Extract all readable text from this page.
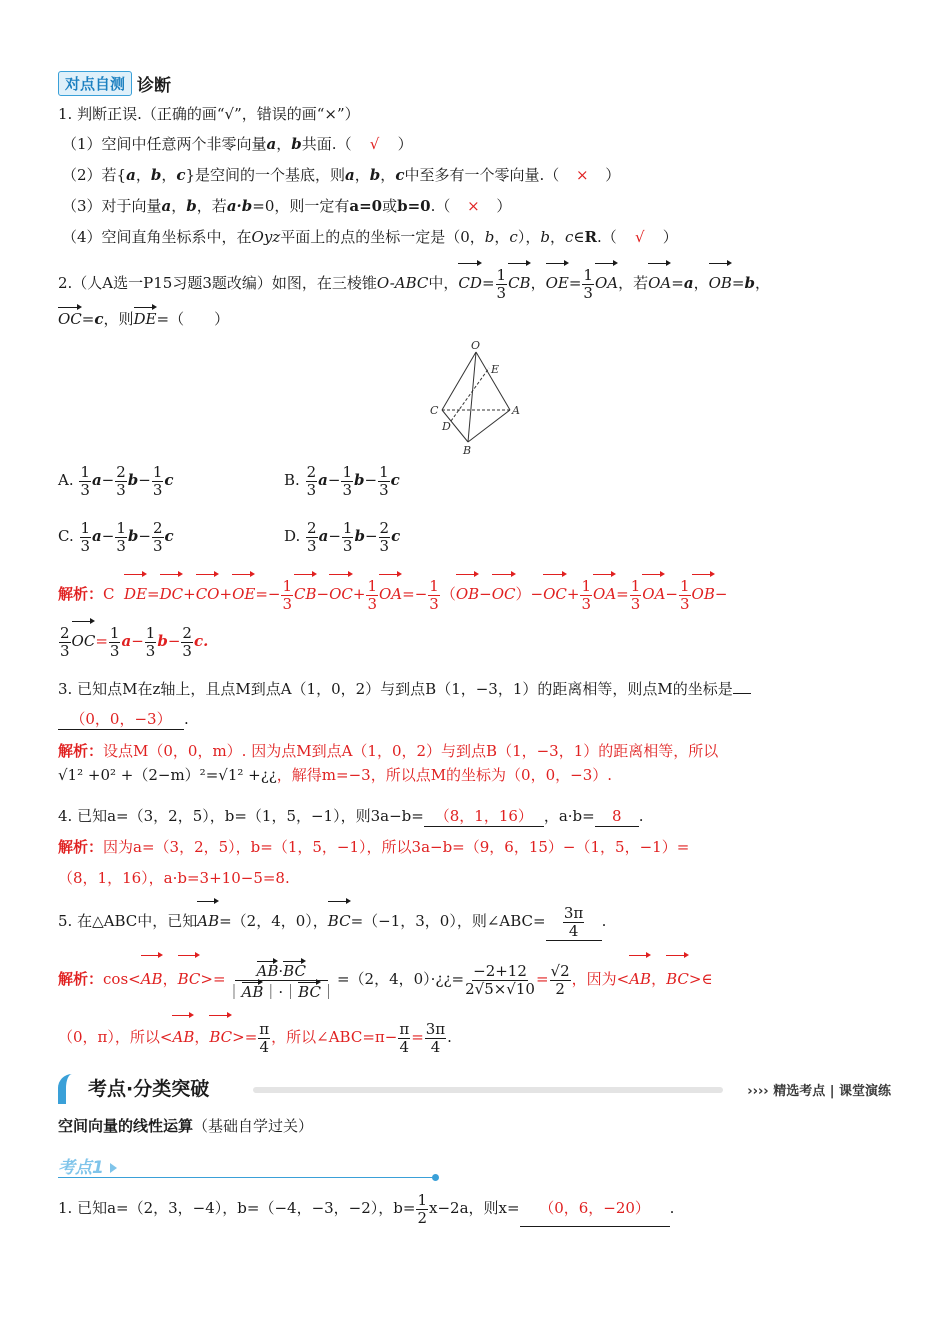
对点自测 诊断
1. 判断正误.（正确的画“√”，错误的画“×”）
（1）空间中任意两个非零向量a，b共面.（ √ ）
（2）若{a，b，c}是空间的一个基底，则a，b，c中至多有一个零向量.（ × ）
（3）对于向量a，b，若a·b=0，则一定有a=0或b=0.（ × ）
（4）空间直角坐标系中，在Oyz平面上的点的坐标一定是（0，b，c），b，c∈R.（ √ ）
2.（人A选一P15习题3题改编）如图，在三棱锥O-ABC中，$CD= \frac{1}{3}$ CB，$OE= \frac{1}{3}$ OA，若OA=a，OB=b，
OC=c，则DE=（　　）
O
E
C	A
D
B
A. $\frac{1}{3} a- \frac{2}{3} b- \frac{1}{3}$ c	B. $\frac{2}{3} a- \frac{1}{3} b- \frac{1}{3}$ c
C. $\frac{1}{3} a- \frac{1}{3} b- \frac{2}{3}$ c	D. $\frac{2}{3} a- \frac{1}{3} b- \frac{2}{3}$ c
解析：C $DE=DC+CO+OE=- \frac{1}{3} CB-OC+ \frac{1}{3} OA=- \frac{1}{3} (OB-OC)-OC+ \frac{1}{3} OA= \frac{1}{3} OA- \frac{1}{3} OB-$
$\frac{2}{3} OC= \frac{1}{3} a- \frac{1}{3} b- \frac{2}{3} c$.
3. 已知点M在z轴上，且点M到点A（1，0，2）与到点B（1，−3，1）的距离相等，则点M的坐标是
（0，0，−3） .
解析：设点M（0，0，m）. 因为点M到点A（1，0，2）与到点B（1，−3，1）的距离相等，所以
√1² +0² +（2−m）²=√1² +¿¿，解得m=−3，所以点M的坐标为（0，0，−3）.
4. 已知a=（3，2，5），b=（1，5，−1），则3a−b= （8，1，16） ，a·b= 8 .
解析：因为a=（3，2，5），b=（1，5，−1），所以3a−b=（9，6，15）−（1，5，−1）=
（8，1，16），a·b=3+10−5=8.
5. 在△ABC中，已知AB=（2，4，0），BC=（−1，3，0），则∠ABC= $\frac{3\pi}{4}$ .
解析：cos<AB，$BC>= \frac{AB\cdot BC}{|AB|\cdot|BC|} =(2$，4，0）·¿¿= $\frac{-2+12}{2√5\times√10} = \frac{√2}{2}$ ，因为<AB，BC>∈
（0，π），所以<AB，$BC>= \frac{\pi}{4}$ ，所以∠ABC=π− $\frac{\pi}{4} = \frac{3\pi}{4}$ .
考点·分类突破	›››› 精选考点 | 课堂演练
空间向量的线性运算（基础自学过关）
考点1
1. 已知a=（2，3，−4），b=（−4，−3，−2），$b= \frac{1}{2} x-2a$，则x= （0，6，−20） .
